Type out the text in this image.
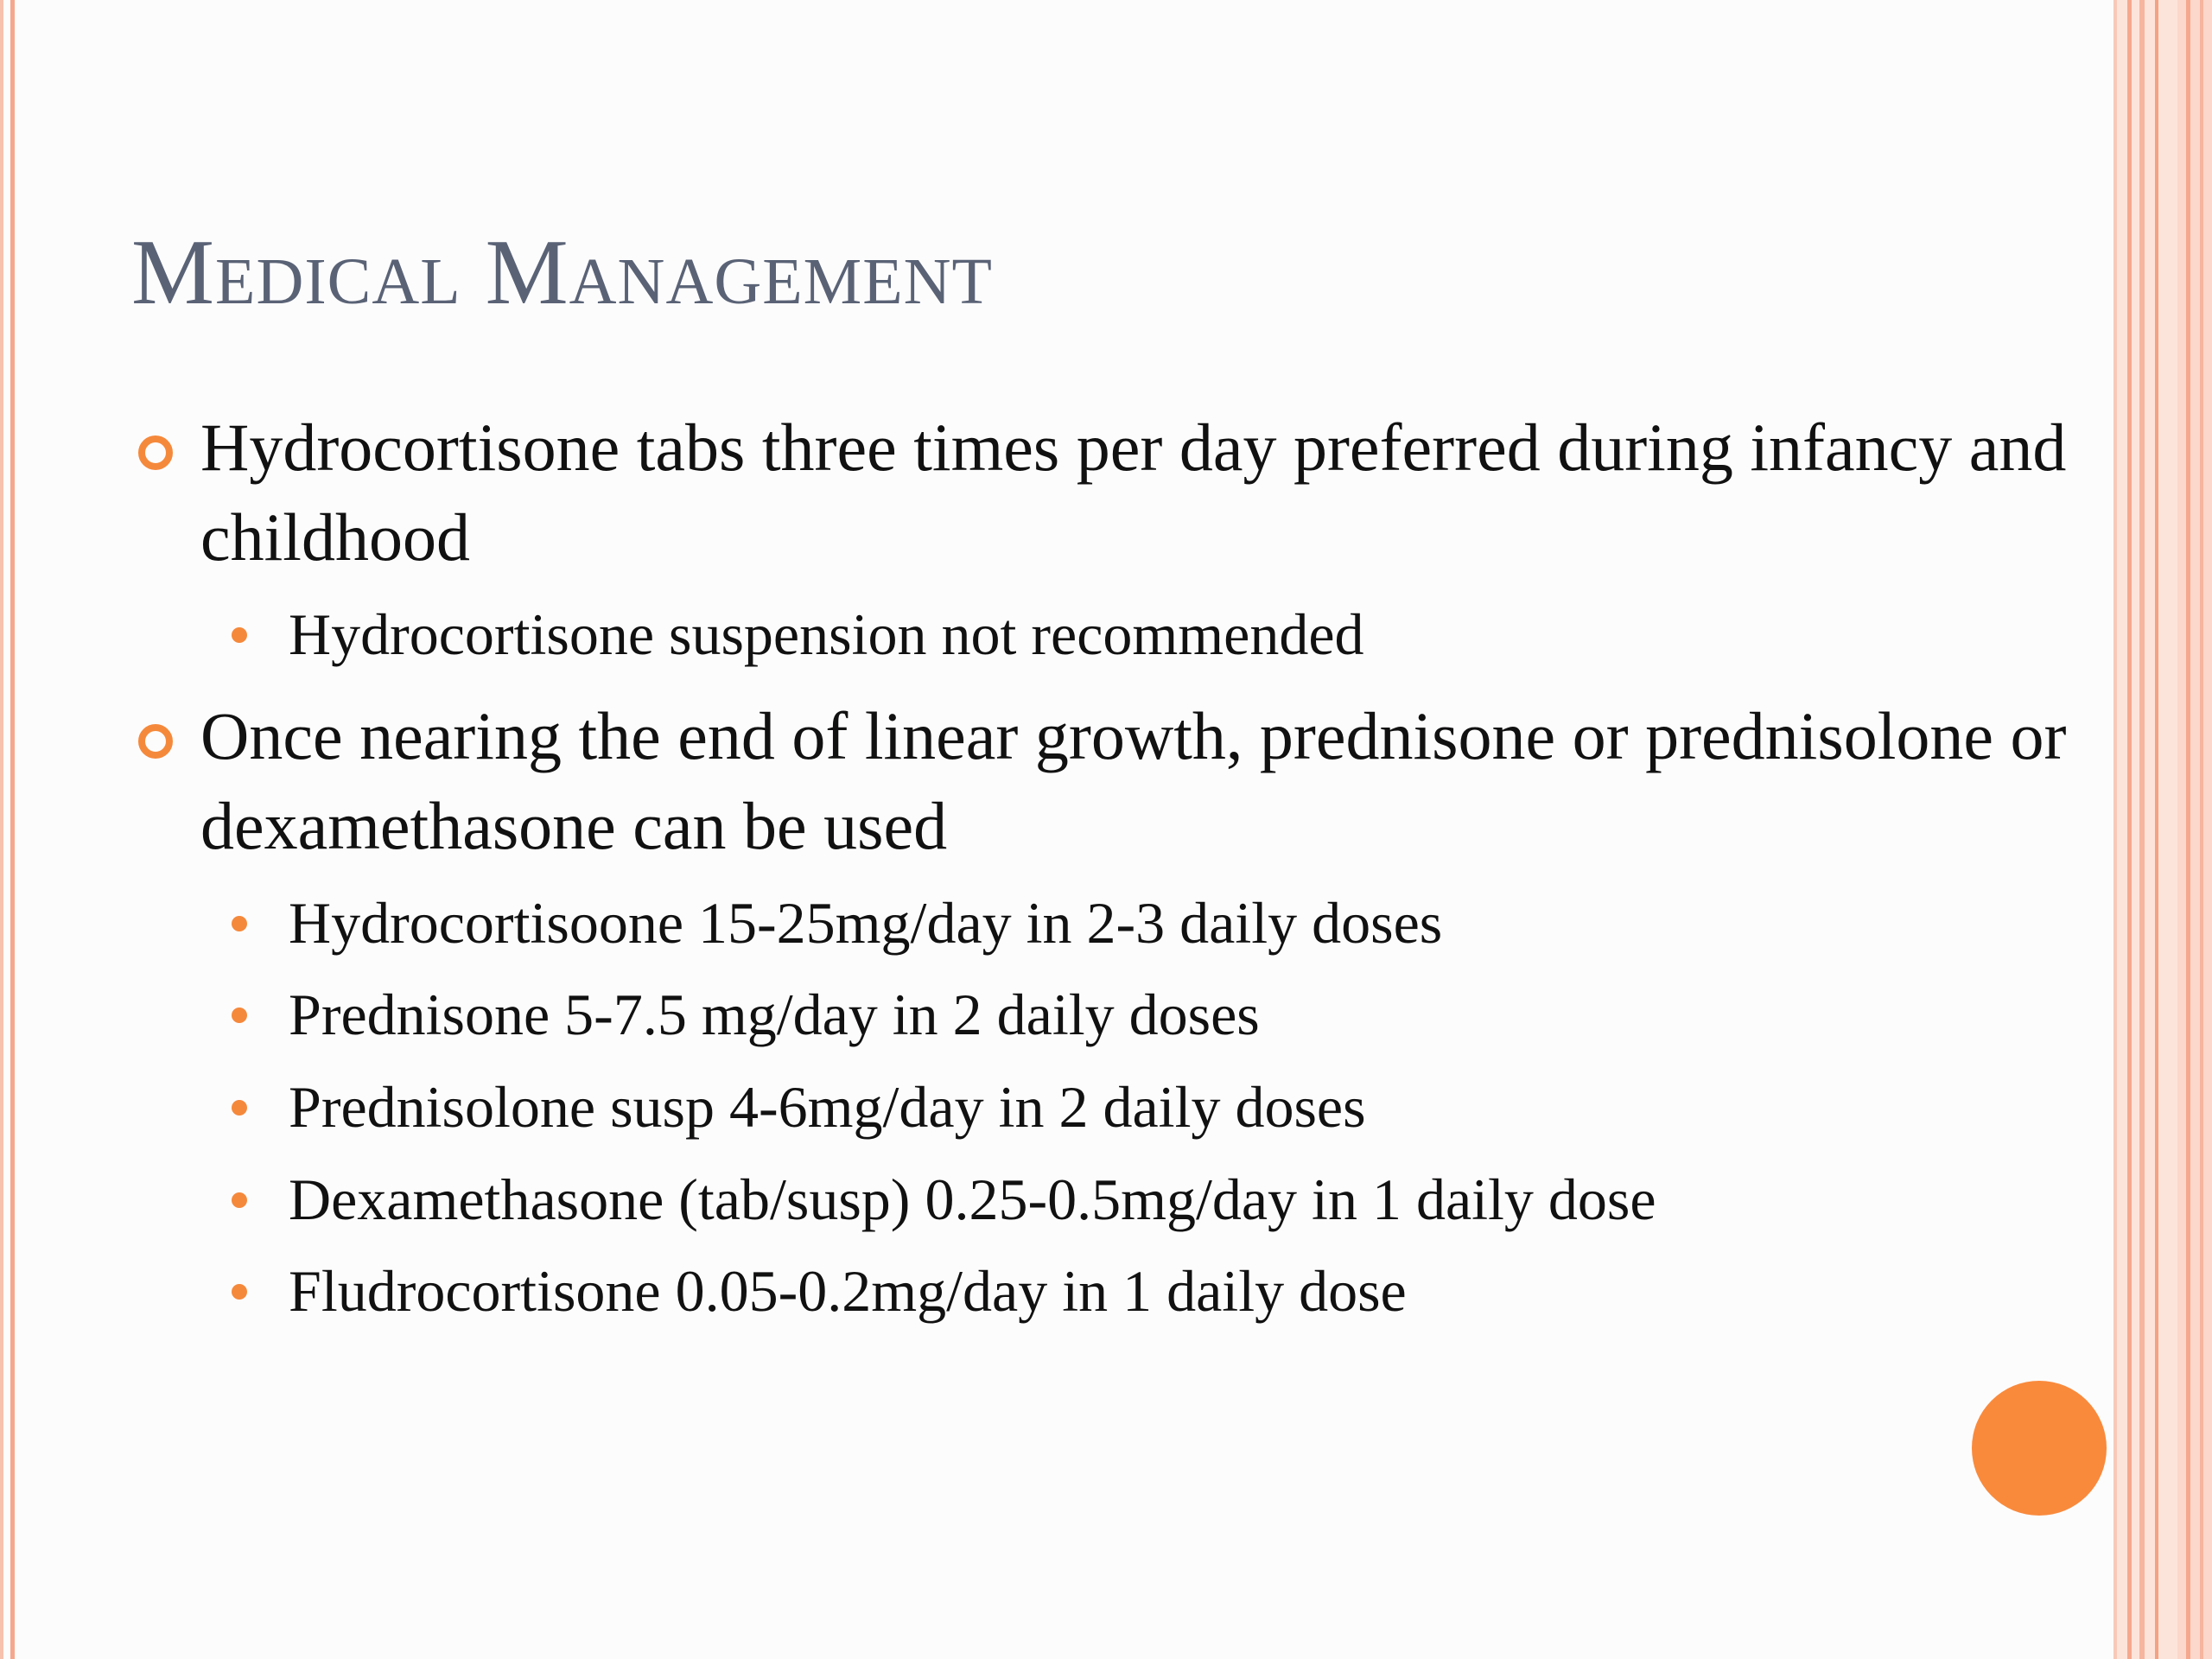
Medical Management
Hydrocortisone tabs three times per day preferred during infancy and childhood
Hydrocortisone suspension not recommended
Once nearing the end of linear growth, prednisone or prednisolone or dexamethasone can be used
Hydrocortisoone 15-25mg/day in 2-3 daily doses
Prednisone 5-7.5 mg/day in 2 daily doses
Prednisolone susp 4-6mg/day in 2 daily doses
Dexamethasone (tab/susp) 0.25-0.5mg/day in 1 daily dose
Fludrocortisone 0.05-0.2mg/day in 1 daily dose
